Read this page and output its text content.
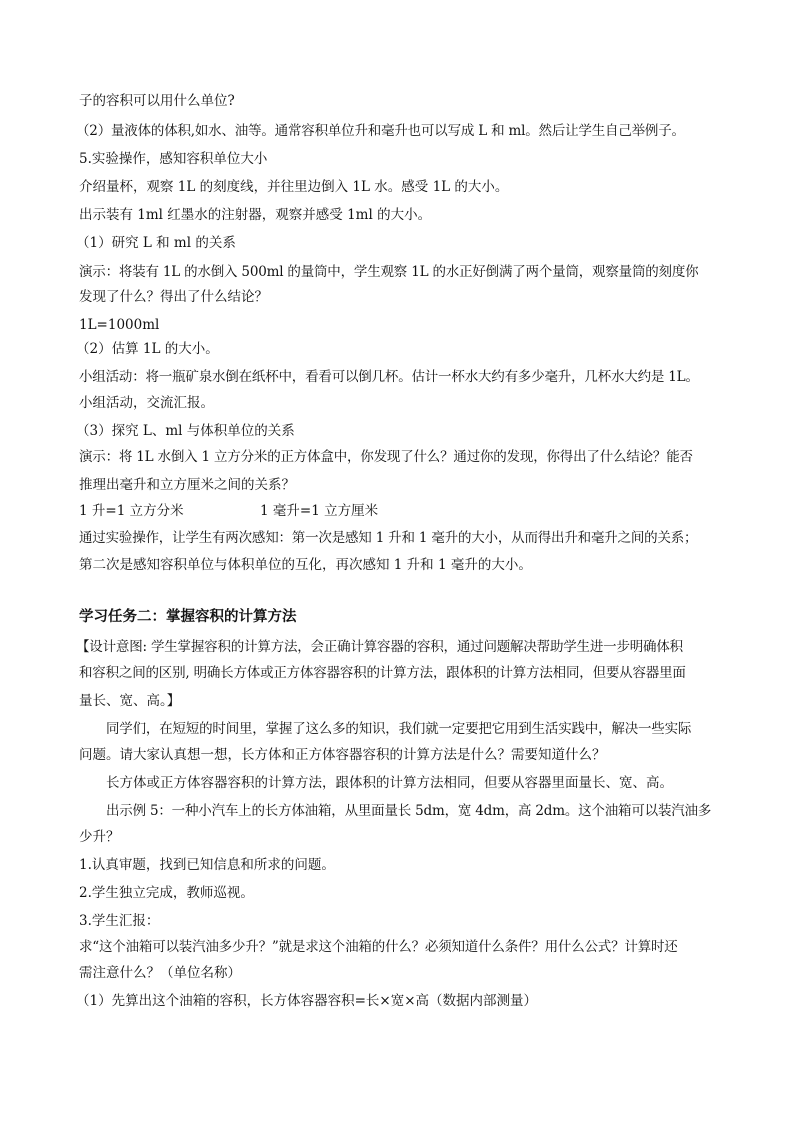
子的容积可以用什么单位?
（2）量液体的体积,如水、油等。通常容积单位升和毫升也可以写成 L 和 ml。然后让学生自己举例子。
5.实验操作，感知容积单位大小
介绍量杯，观察 1L 的刻度线，并往里边倒入 1L 水。感受 1L 的大小。
出示装有 1ml 红墨水的注射器，观察并感受 1ml 的大小。
（1）研究 L 和 ml 的关系
演示：将装有 1L 的水倒入 500ml 的量筒中，学生观察 1L 的水正好倒满了两个量筒，观察量筒的刻度你
发现了什么？得出了什么结论？
1L=1000ml
（2）估算 1L 的大小。
小组活动：将一瓶矿泉水倒在纸杯中，看看可以倒几杯。估计一杯水大约有多少毫升，几杯水大约是 1L。
小组活动，交流汇报。
（3）探究 L、ml 与体积单位的关系
演示：将 1L 水倒入 1 立方分米的正方体盒中，你发现了什么？通过你的发现，你得出了什么结论？能否
推理出毫升和立方厘米之间的关系？
1 升=1 立方分米	1 毫升=1 立方厘米
通过实验操作，让学生有两次感知：第一次是感知 1 升和 1 毫升的大小，从而得出升和毫升之间的关系；
第二次是感知容积单位与体积单位的互化，再次感知 1 升和 1 毫升的大小。
学习任务二：掌握容积的计算方法
【设计意图: 学生掌握容积的计算方法，会正确计算容器的容积，通过问题解决帮助学生进一步明确体积
和容积之间的区别, 明确长方体或正方体容器容积的计算方法，跟体积的计算方法相同，但要从容器里面
量长、宽、高。】
同学们，在短短的时间里，掌握了这么多的知识，我们就一定要把它用到生活实践中，解决一些实际
问题。请大家认真想一想，长方体和正方体容器容积的计算方法是什么？需要知道什么？
长方体或正方体容器容积的计算方法，跟体积的计算方法相同，但要从容器里面量长、宽、高。
出示例 5：一种小汽车上的长方体油箱，从里面量长 5dm，宽 4dm，高 2dm。这个油箱可以装汽油多
少升？
1.认真审题，找到已知信息和所求的问题。
2.学生独立完成，教师巡视。
3.学生汇报：
求“这个油箱可以装汽油多少升？”就是求这个油箱的什么？必须知道什么条件？用什么公式？计算时还
需注意什么？（单位名称）
（1）先算出这个油箱的容积，长方体容器容积=长×宽×高（数据内部测量）
